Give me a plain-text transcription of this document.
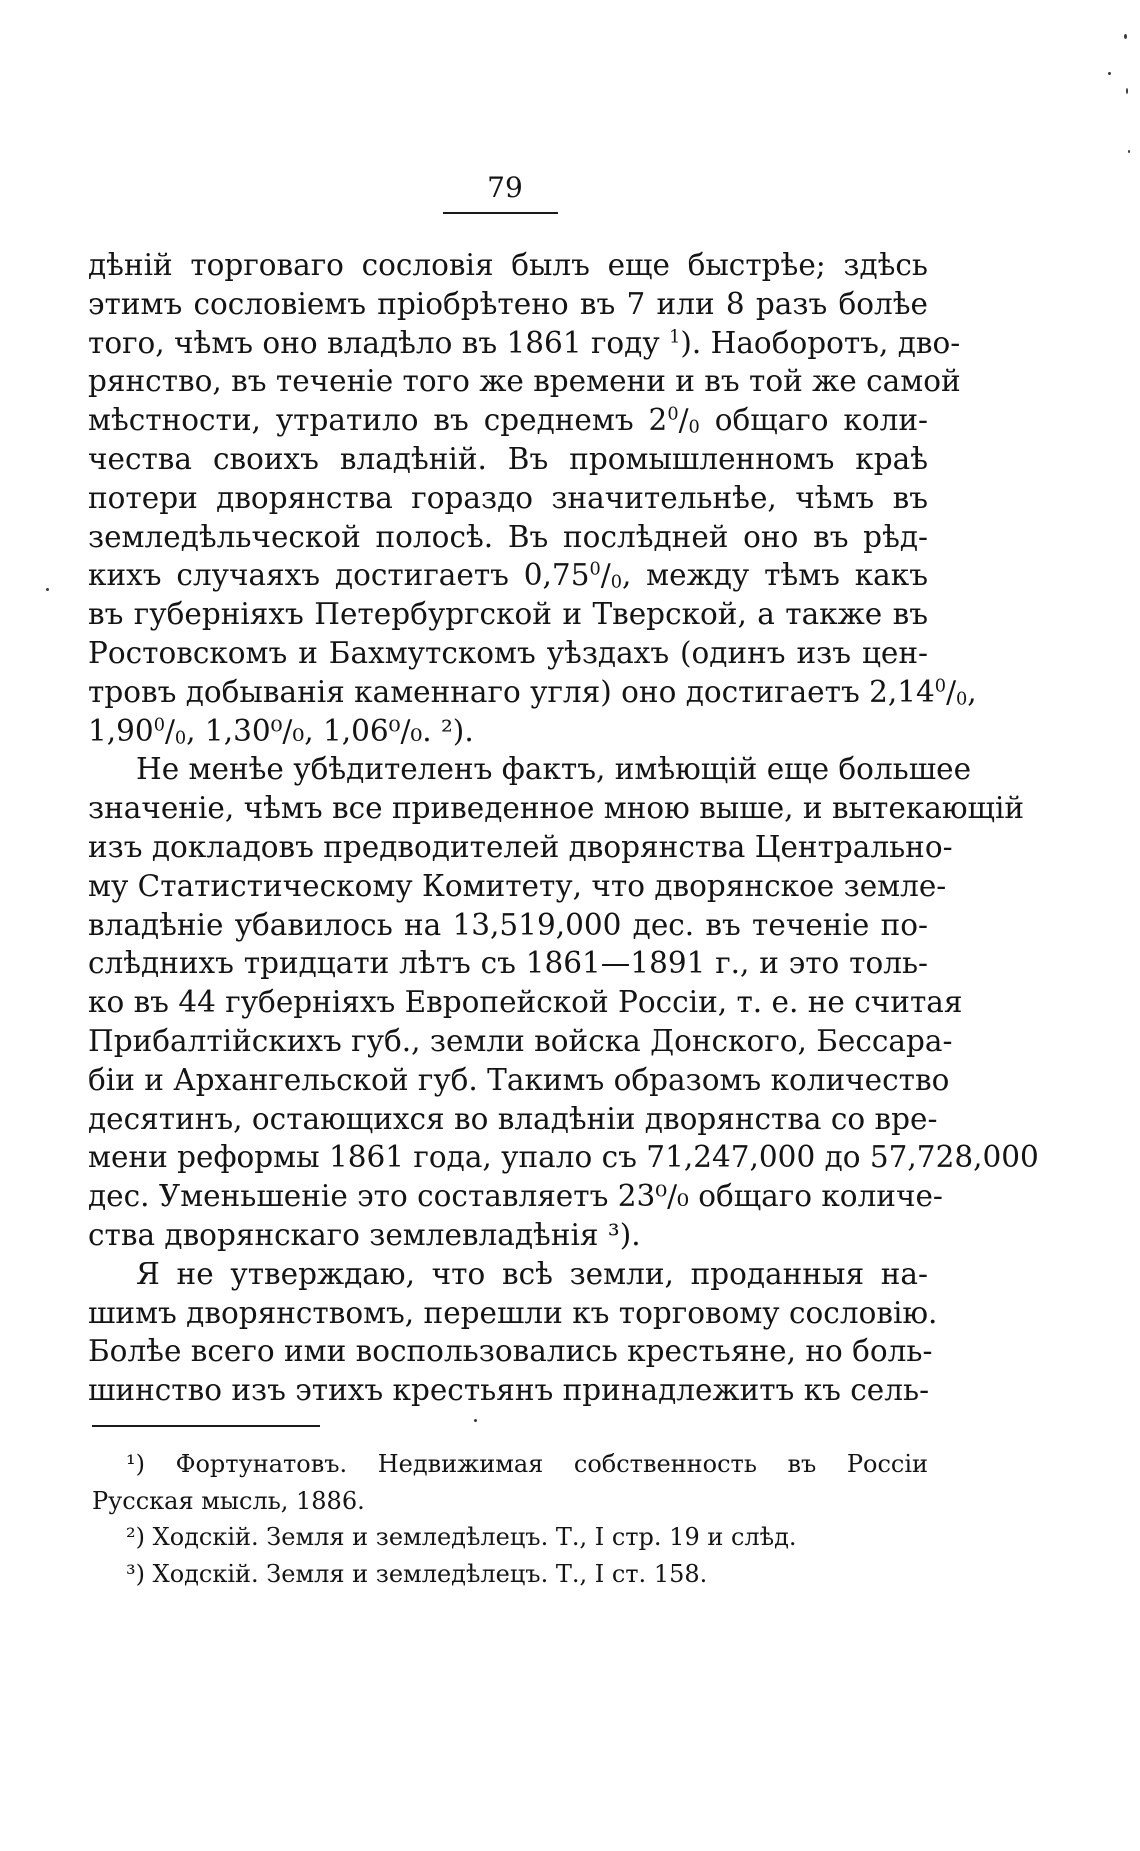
79
дѣній торговаго сословія былъ еще быстрѣе; здѣсь
этимъ сословіемъ пріобрѣтено въ 7 или 8 разъ болѣе
того, чѣмъ оно владѣло въ 1861 году $^1$). Наоборотъ, дво-
рянство, въ теченіе того же времени и въ той же самой
мѣстности, утратило въ среднемъ $2^0/_0$ общаго коли-
чества своихъ владѣній. Въ промышленномъ краѣ
потери дворянства гораздо значительнѣе, чѣмъ въ
земледѣльческой полосѣ. Въ послѣдней оно въ рѣд-
кихъ случаяхъ достигаетъ $0,75^0/_0$, между тѣмъ какъ
въ губерніяхъ Петербургской и Тверской, а также въ
Ростовскомъ и Бахмутскомъ уѣздахъ (одинъ изъ цен-
тровъ добыванія каменнаго угля) оно достигаетъ $2,14^0/_0$,
$1,90^0/_0$, 1,30⁰/₀, 1,06⁰/₀. ²).
Не менѣе убѣдителенъ фактъ, имѣющій еще большее
значеніе, чѣмъ все приведенное мною выше, и вытекающій
изъ докладовъ предводителей дворянства Центрально-
му Статистическому Комитету, что дворянское земле-
владѣніе убавилось на 13,519,000 дес. въ теченіе по-
слѣднихъ тридцати лѣтъ съ 1861—1891 г., и это толь-
ко въ 44 губерніяхъ Европейской Россіи, т. е. не считая
Прибалтійскихъ губ., земли войска Донского, Бессара-
біи и Архангельской губ. Такимъ образомъ количество
десятинъ, остающихся во владѣніи дворянства со вре-
мени реформы 1861 года, упало съ 71,247,000 до 57,728,000
дес. Уменьшеніе это составляетъ 23⁰/₀ общаго количе-
ства дворянскаго землевладѣнія ³).
Я не утверждаю, что всѣ земли, проданныя на-
шимъ дворянствомъ, перешли къ торговому сословію.
Болѣе всего ими воспользовались крестьяне, но боль-
шинство изъ этихъ крестьянъ принадлежитъ къ сель-
¹) Фортунатовъ. Недвижимая собственность въ Россіи
Русская мысль, 1886.
²) Ходскій. Земля и земледѣлецъ. Т., I стр. 19 и слѣд.
³) Ходскій. Земля и земледѣлецъ. Т., I ст. 158.
